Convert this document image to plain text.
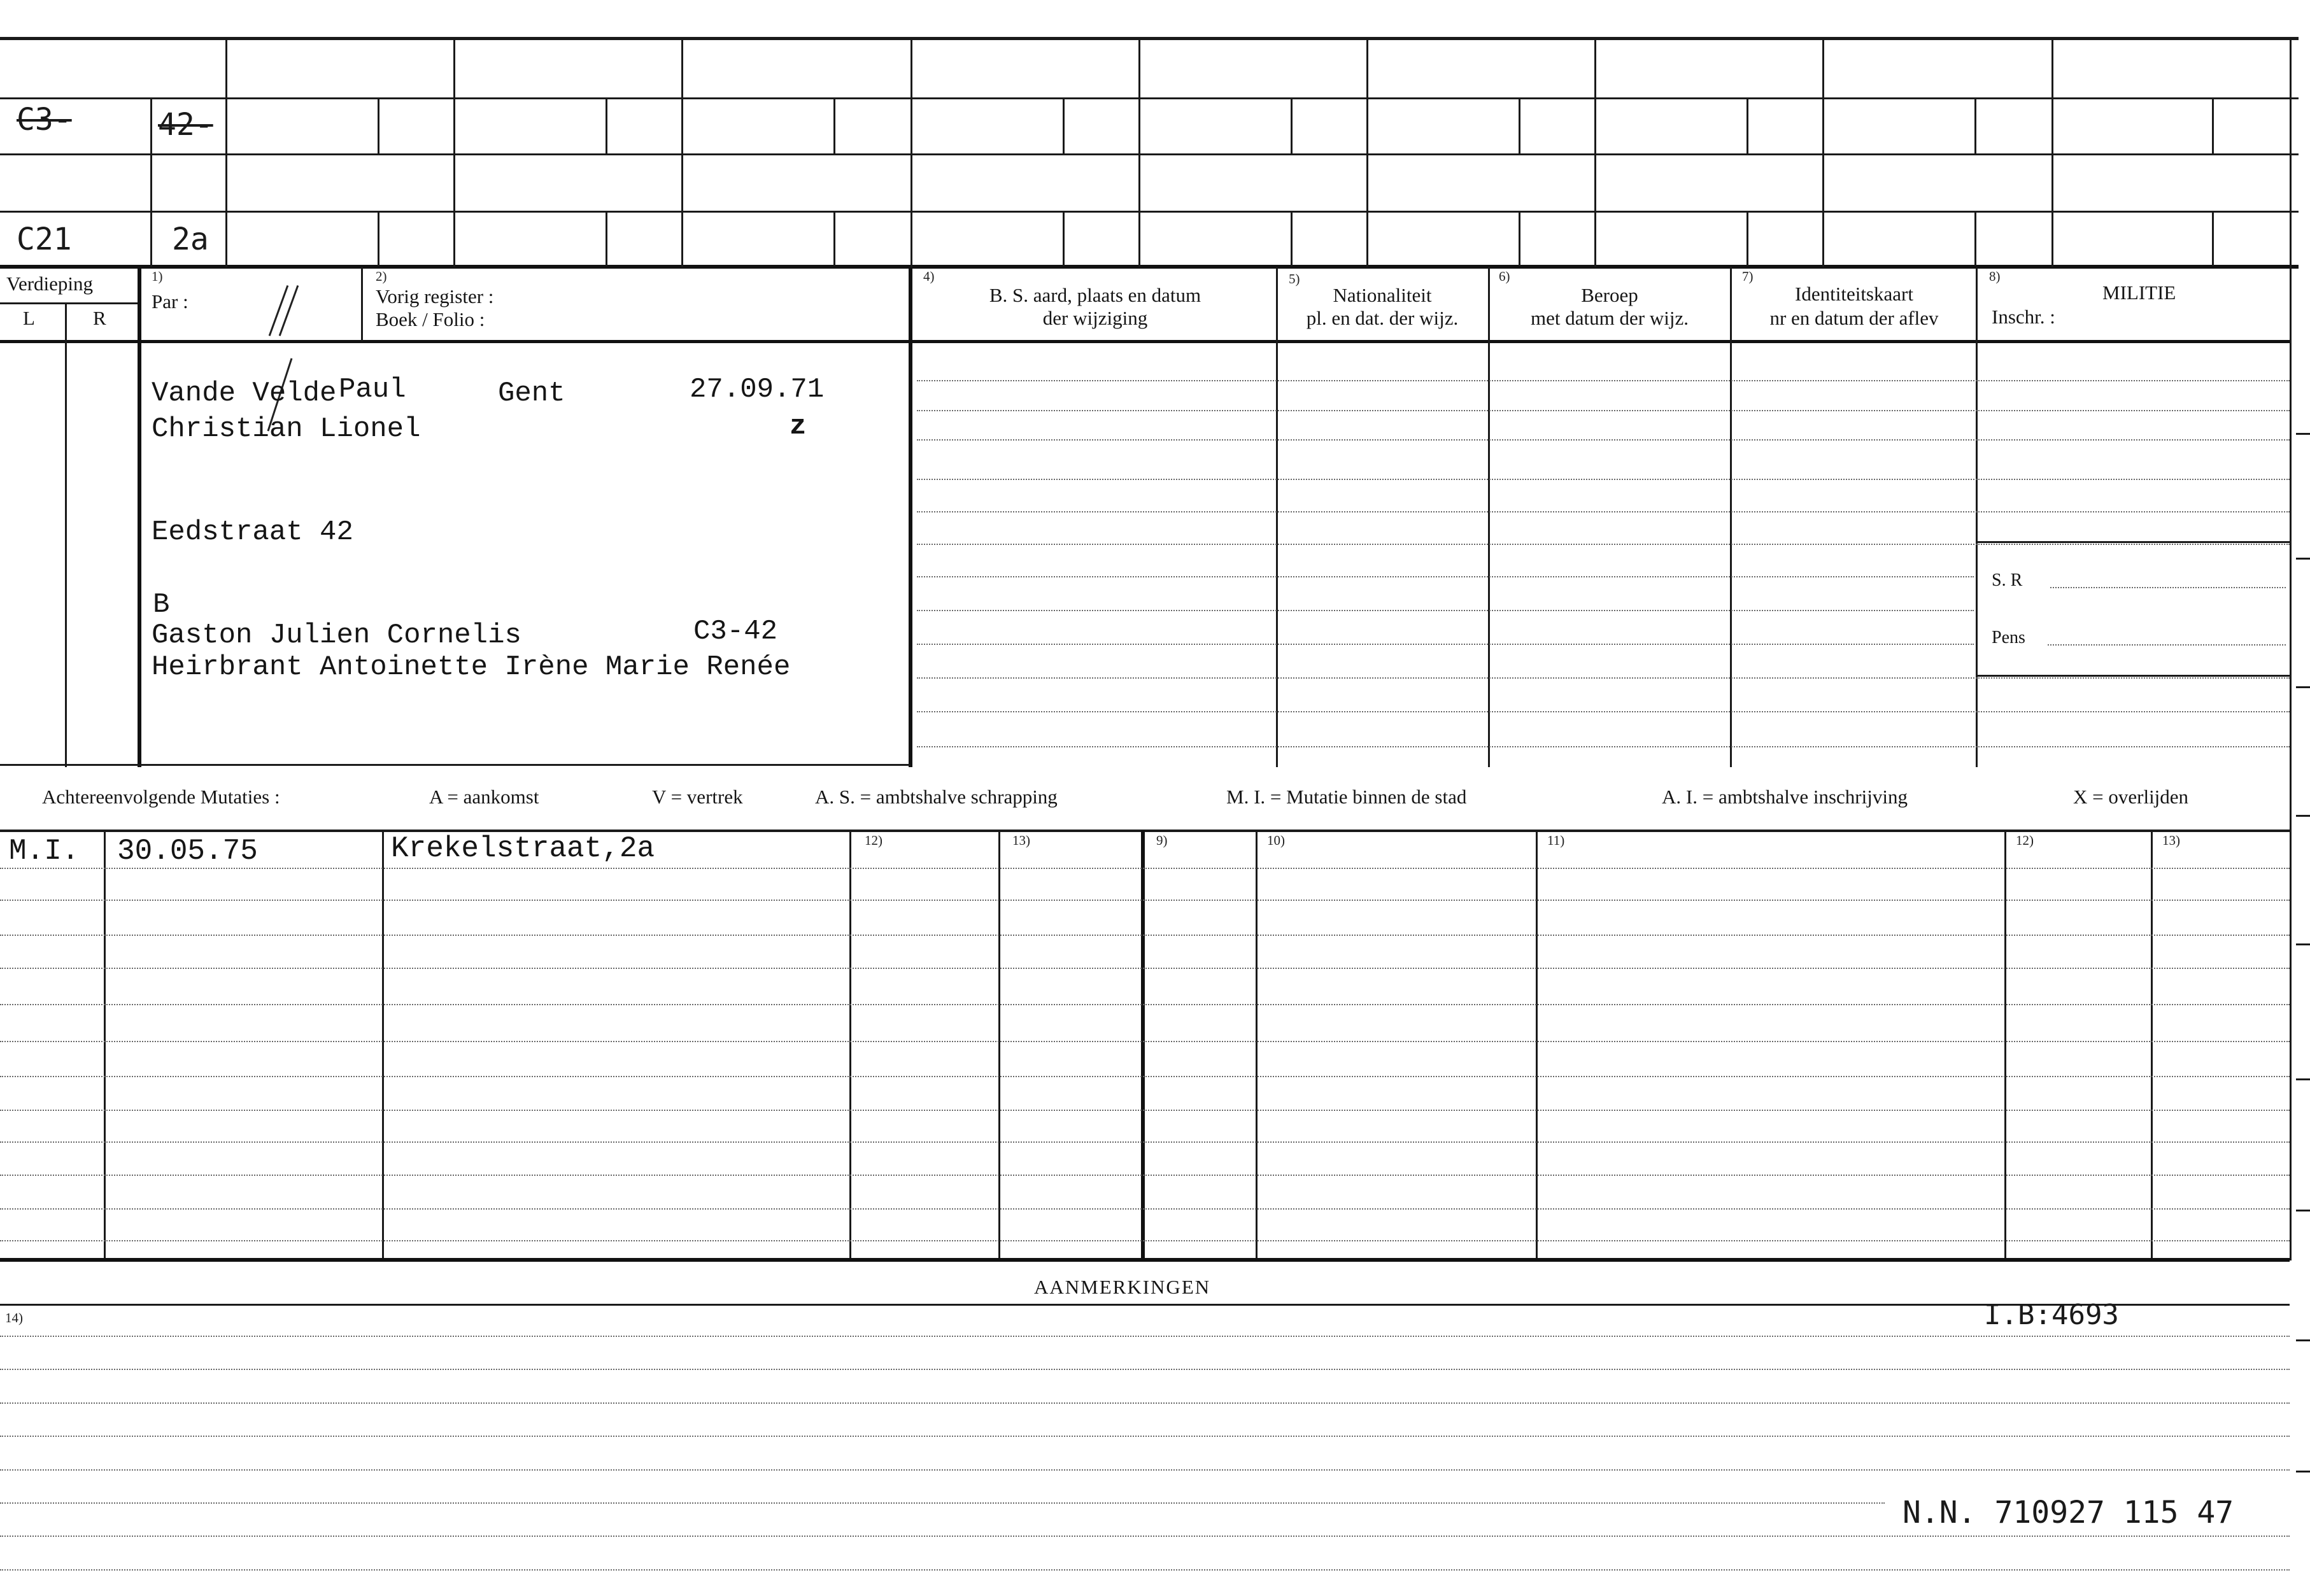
C3-	42-
C21	2a
Verdieping
L	R
1)
Par :
2)
Vorig register :
Boek / Folio :
4)
B. S. aard, plaats en datum
der wijziging
5)
Nationaliteit
pl. en dat. der wijz.
6)
Beroep
met datum der wijz.
7)
Identiteitskaart
nr en datum der aflev
8)
MILITIE
Inschr. :
Vande Velde Paul	Gent	27.09.71
Christian Lionel	z
Eedstraat 42
B
Gaston Julien Cornelis	C3-42
Heirbrant Antoinette Irène Marie Renée
S. R
Pens
Achtereenvolgende Mutaties :	A = aankomst	V = vertrek	A. S. = ambtshalve schrapping	M. I. = Mutatie binnen de stad	A. I. = ambtshalve inschrijving	X = overlijden
12)	13)	9)	10)	11)	12)	13)
M.I. 30.05.75	Krekelstraat,2a
AANMERKINGEN
14)	I.B:4693
N.N. 710927 115 47
